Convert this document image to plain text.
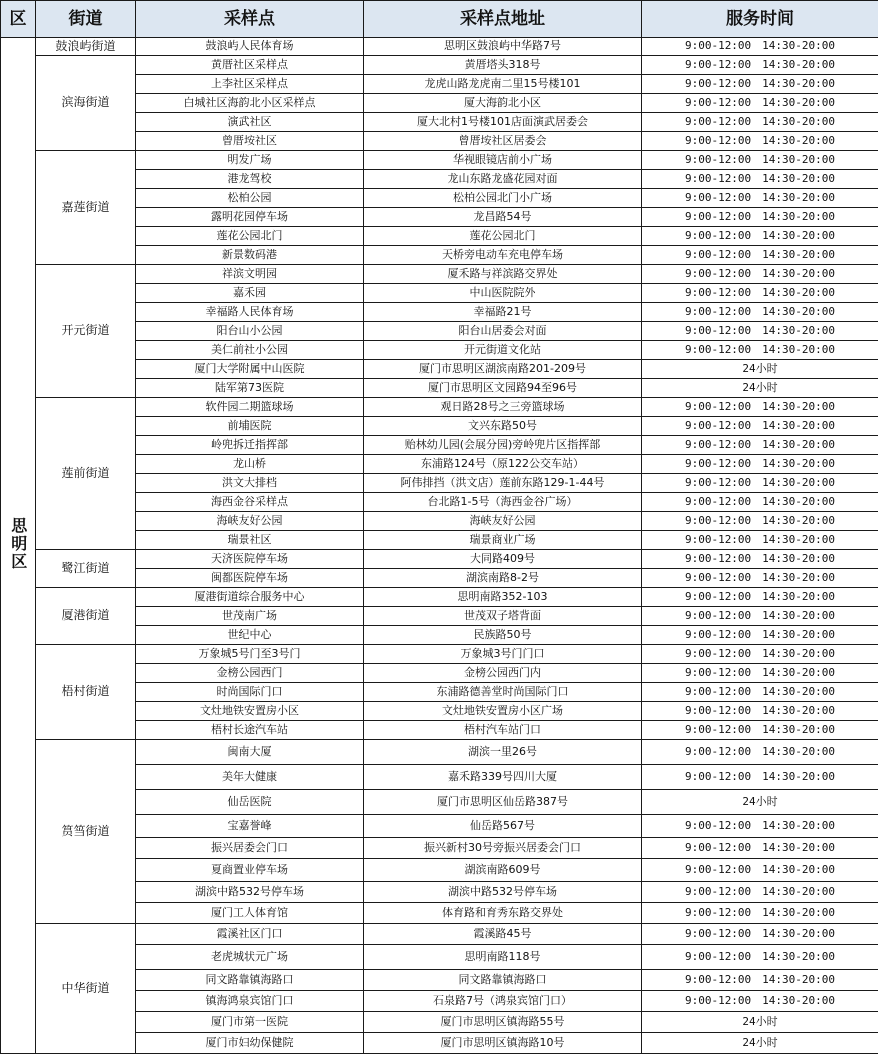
区	街道	采样点	采样点地址	服务时间
思明区	鼓浪屿街道	鼓浪屿人民体育场	思明区鼓浪屿中华路7号	9:00-12:00　14:30-20:00
	滨海街道	黄厝社区采样点	黄厝塔头318号	9:00-12:00　14:30-20:00
		上李社区采样点	龙虎山路龙虎南二里15号楼101	9:00-12:00　14:30-20:00
		白城社区海韵北小区采样点	厦大海韵北小区	9:00-12:00　14:30-20:00
		演武社区	厦大北村1号楼101店面演武居委会	9:00-12:00　14:30-20:00
		曾厝垵社区	曾厝垵社区居委会	9:00-12:00　14:30-20:00
	嘉莲街道	明发广场	华视眼镜店前小广场	9:00-12:00　14:30-20:00
		港龙驾校	龙山东路龙盛花园对面	9:00-12:00　14:30-20:00
		松柏公园	松柏公园北门小广场	9:00-12:00　14:30-20:00
		露明花园停车场	龙昌路54号	9:00-12:00　14:30-20:00
		莲花公园北门	莲花公园北门	9:00-12:00　14:30-20:00
		新景数码港	天桥旁电动车充电停车场	9:00-12:00　14:30-20:00
	开元街道	祥滨文明园	厦禾路与祥滨路交界处	9:00-12:00　14:30-20:00
		嘉禾园	中山医院院外	9:00-12:00　14:30-20:00
		幸福路人民体育场	幸福路21号	9:00-12:00　14:30-20:00
		阳台山小公园	阳台山居委会对面	9:00-12:00　14:30-20:00
		美仁前社小公园	开元街道文化站	9:00-12:00　14:30-20:00
		厦门大学附属中山医院	厦门市思明区湖滨南路201-209号	24小时
		陆军第73医院	厦门市思明区文园路94至96号	24小时
	莲前街道	软件园二期篮球场	观日路28号之三旁篮球场	9:00-12:00　14:30-20:00
		前埔医院	文兴东路50号	9:00-12:00　14:30-20:00
		岭兜拆迁指挥部	贻林幼儿园(会展分园)旁岭兜片区指挥部	9:00-12:00　14:30-20:00
		龙山桥	东浦路124号（原122公交车站）	9:00-12:00　14:30-20:00
		洪文大排档	阿伟排挡（洪文店）莲前东路129-1-44号	9:00-12:00　14:30-20:00
		海西金谷采样点	台北路1-5号（海西金谷广场）	9:00-12:00　14:30-20:00
		海峡友好公园	海峡友好公园	9:00-12:00　14:30-20:00
		瑞景社区	瑞景商业广场	9:00-12:00　14:30-20:00
	鹭江街道	天济医院停车场	大同路409号	9:00-12:00　14:30-20:00
		闽都医院停车场	湖滨南路8-2号	9:00-12:00　14:30-20:00
	厦港街道	厦港街道综合服务中心	思明南路352-103	9:00-12:00　14:30-20:00
		世茂南广场	世茂双子塔背面	9:00-12:00　14:30-20:00
		世纪中心	民族路50号	9:00-12:00　14:30-20:00
	梧村街道	万象城5号门至3号门	万象城3号门门口	9:00-12:00　14:30-20:00
		金榜公园西门	金榜公园西门内	9:00-12:00　14:30-20:00
		时尚国际门口	东浦路德善堂时尚国际门口	9:00-12:00　14:30-20:00
		文灶地铁安置房小区	文灶地铁安置房小区广场	9:00-12:00　14:30-20:00
		梧村长途汽车站	梧村汽车站门口	9:00-12:00　14:30-20:00
	筼筜街道	闽南大厦	湖滨一里26号	9:00-12:00　14:30-20:00
		美年大健康	嘉禾路339号四川大厦	9:00-12:00　14:30-20:00
		仙岳医院	厦门市思明区仙岳路387号	24小时
		宝嘉誉峰	仙岳路567号	9:00-12:00　14:30-20:00
		振兴居委会门口	振兴新村30号旁振兴居委会门口	9:00-12:00　14:30-20:00
		夏商置业停车场	湖滨南路609号	9:00-12:00　14:30-20:00
		湖滨中路532号停车场	湖滨中路532号停车场	9:00-12:00　14:30-20:00
		厦门工人体育馆	体育路和育秀东路交界处	9:00-12:00　14:30-20:00
	中华街道	霞溪社区门口	霞溪路45号	9:00-12:00　14:30-20:00
		老虎城状元广场	思明南路118号	9:00-12:00　14:30-20:00
		同文路靠镇海路口	同文路靠镇海路口	9:00-12:00　14:30-20:00
		镇海鸿泉宾馆门口	石泉路7号（鸿泉宾馆门口）	9:00-12:00　14:30-20:00
		厦门市第一医院	厦门市思明区镇海路55号	24小时
		厦门市妇幼保健院	厦门市思明区镇海路10号	24小时
